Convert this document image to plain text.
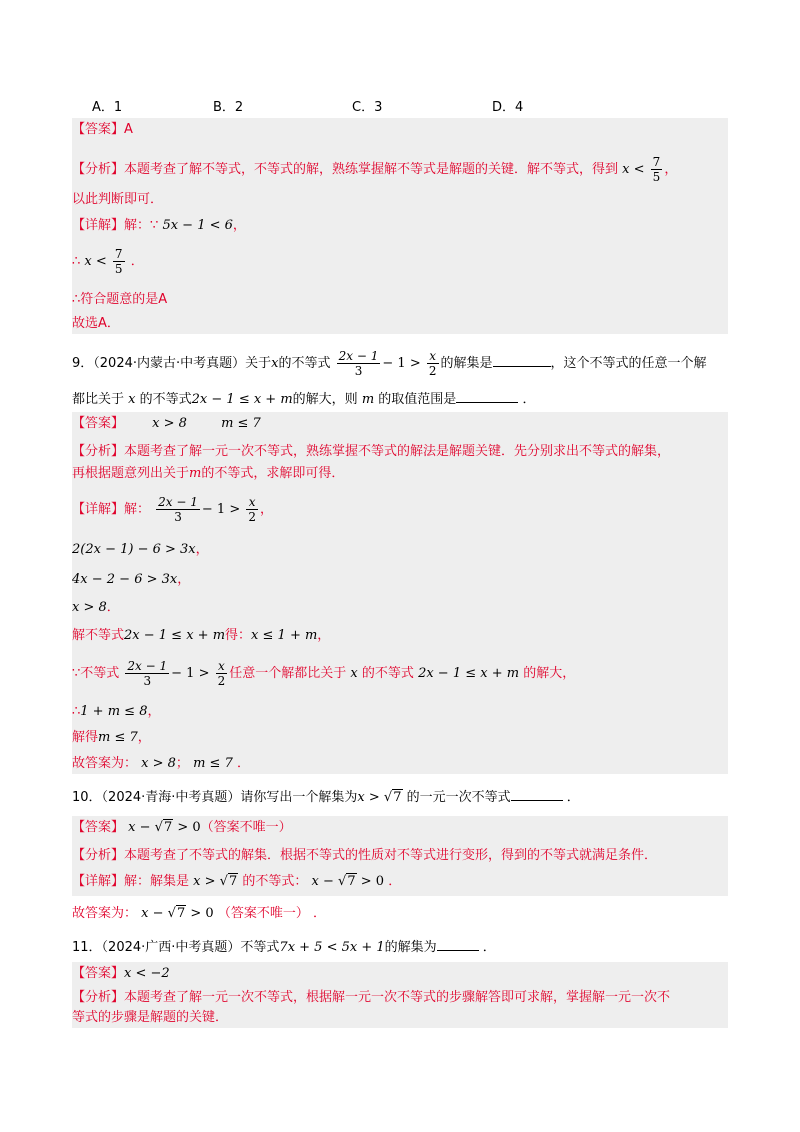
A．1	B．2	C．3	D．4
【答案】A
【分析】本题考查了解不等式，不等式的解，熟练掌握解不等式是解题的关键．解不等式，得到 $x < \frac{7}{5}$ ，
以此判断即可．
【详解】解：∵ 5x − 1 < 6，
∴ $x < \frac{7}{5}$ ．
∴符合题意的是A
故选A．
9．（2024·内蒙古·中考真题）关于x的不等式 $\frac{2x - 1}{3} - 1 > \frac{x}{2}$ 的解集是	，这个不等式的任意一个解
都比关于 x 的不等式2x − 1 ≤ x + m的解大，则 m 的取值范围是	．
【答案】 x > 8	m ≤ 7
【分析】本题考查了解一元一次不等式，熟练掌握不等式的解法是解题关键．先分别求出不等式的解集，
再根据题意列出关于m的不等式，求解即可得．
【详解】解： $\frac{2x - 1}{3} - 1 > \frac{x}{2}$ ，
2(2x − 1) − 6 > 3x，
4x − 2 − 6 > 3x，
x > 8．
解不等式2x − 1 ≤ x + m得：x ≤ 1 + m，
∵不等式 $\frac{2x - 1}{3} - 1 > \frac{x}{2}$ 任意一个解都比关于 x 的不等式 2x − 1 ≤ x + m 的解大，
∴1 + m ≤ 8，
解得m ≤ 7，
故答案为： x > 8； m ≤ 7 ．
10．（2024·青海·中考真题）请你写出一个解集为x > √7 的一元一次不等式	．
【答案】 x − √7 > 0（答案不唯一）
【分析】本题考查了不等式的解集．根据不等式的性质对不等式进行变形，得到的不等式就满足条件．
【详解】解：解集是 x > √7 的不等式： x − √7 > 0 ．
故答案为： x − √7 > 0 （答案不唯一） ．
11．（2024·广西·中考真题）不等式7x + 5 < 5x + 1的解集为	．
【答案】x < −2
【分析】本题考查了解一元一次不等式，根据解一元一次不等式的步骤解答即可求解，掌握解一元一次不
等式的步骤是解题的关键．
